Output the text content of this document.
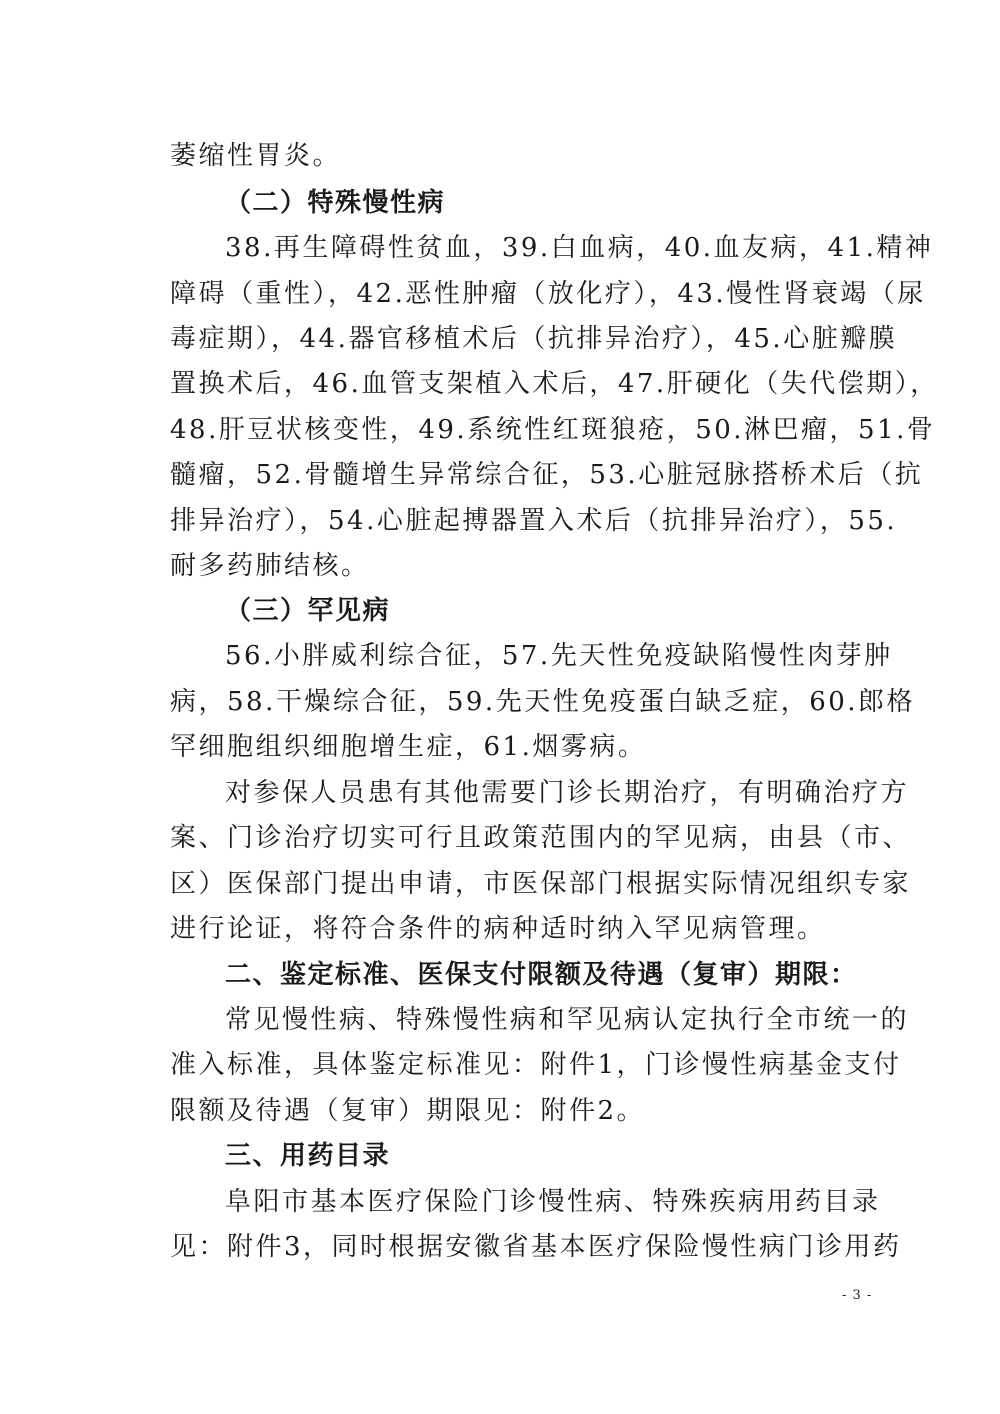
萎缩性胃炎。
（二）特殊慢性病
38.再生障碍性贫血，39.白血病，40.血友病，41.精神
障碍（重性），42.恶性肿瘤（放化疗），43.慢性肾衰竭（尿
毒症期），44.器官移植术后（抗排异治疗），45.心脏瓣膜
置换术后，46.血管支架植入术后，47.肝硬化（失代偿期），
48.肝豆状核变性，49.系统性红斑狼疮，50.淋巴瘤，51.骨
髓瘤，52.骨髓增生异常综合征，53.心脏冠脉搭桥术后（抗
排异治疗），54.心脏起搏器置入术后（抗排异治疗），55.
耐多药肺结核。
（三）罕见病
56.小胖威利综合征，57.先天性免疫缺陷慢性肉芽肿
病，58.干燥综合征，59.先天性免疫蛋白缺乏症，60.郎格
罕细胞组织细胞增生症，61.烟雾病。
对参保人员患有其他需要门诊长期治疗，有明确治疗方
案、门诊治疗切实可行且政策范围内的罕见病，由县（市、
区）医保部门提出申请，市医保部门根据实际情况组织专家
进行论证，将符合条件的病种适时纳入罕见病管理。
二、鉴定标准、医保支付限额及待遇（复审）期限：
常见慢性病、特殊慢性病和罕见病认定执行全市统一的
准入标准，具体鉴定标准见：附件1，门诊慢性病基金支付
限额及待遇（复审）期限见：附件2。
三、用药目录
阜阳市基本医疗保险门诊慢性病、特殊疾病用药目录
见：附件3，同时根据安徽省基本医疗保险慢性病门诊用药
- 3 -
